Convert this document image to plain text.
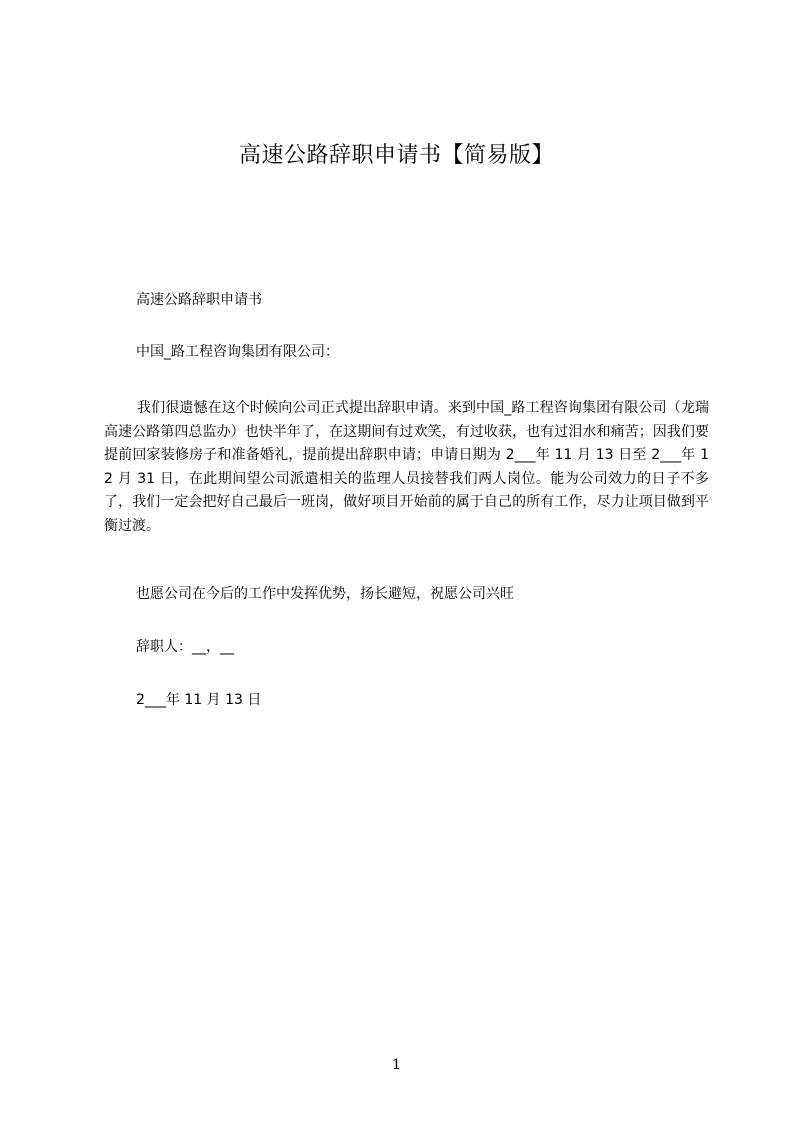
高速公路辞职申请书【简易版】
高速公路辞职申请书
中国_路工程咨询集团有限公司：

我们很遗憾在这个时候向公司正式提出辞职申请。来到中国_路工程咨询集团有限公司（龙瑞高速公路第四总监办）也快半年了，在这期间有过欢笑，有过收获，也有过泪水和痛苦；因我们要提前回家装修房子和准备婚礼，提前提出辞职申请；申请日期为 2___年 11 月 13 日至 2___年 12 月 31 日，在此期间望公司派遣相关的监理人员接替我们两人岗位。能为公司效力的日子不多了，我们一定会把好自己最后一班岗，做好项目开始前的属于自己的所有工作，尽力让项目做到平衡过渡。

也愿公司在今后的工作中发挥优势，扬长避短，祝愿公司兴旺
辞职人：__，__
2___年 11 月 13 日
1
